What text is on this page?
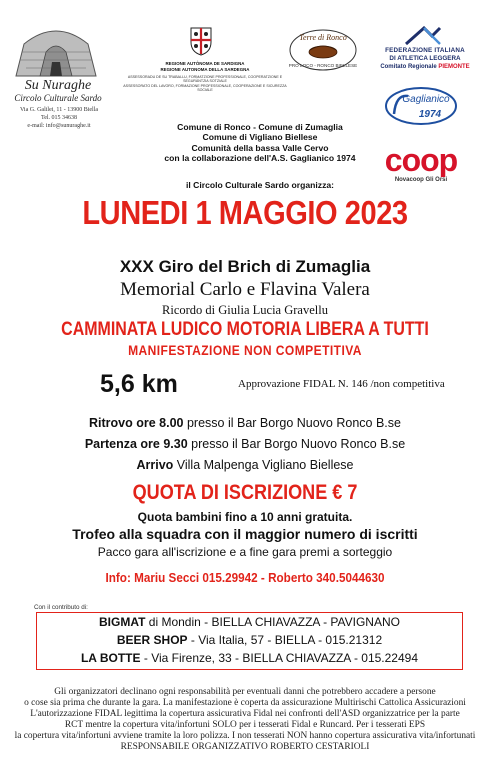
Su Nuraghe
Circolo Culturale Sardo
Via G. Galilei, 11 - 13900 Biella
Tel. 015 34638
e-mail: info@sunuraghe.it
REGIONE AUTÒNOMA DE SARDIGNA
REGIONE AUTONOMA DELLA SARDEGNA
ASSESSORADU DE SU TRABALLU, FORMATZIONE PROFESSIONALE, COOPERATZIONE E SEGURÀNTZIA SOTZIALE
ASSESSORATO DEL LAVORO, FORMAZIONE PROFESSIONALE, COOPERAZIONE E SICUREZZA SOCIALE
Terre di Ronco
PRO LOCO - RONCO BIELLESE
FEDERAZIONE ITALIANA
DI ATLETICA LEGGERA
Comitato Regionale PIEMONTE
Gaglianico
1974
coop
Novacoop Gli Orsi
Comune di Ronco - Comune di Zumaglia
Comune di Vigliano Biellese
Comunità della bassa Valle Cervo
con la collaborazione dell'A.S. Gaglianico 1974
il Circolo Culturale Sardo organizza:
LUNEDI 1 MAGGIO 2023
XXX Giro del Brich di Zumaglia
Memorial Carlo e Flavina Valera
Ricordo di Giulia Lucia Gravellu
CAMMINATA LUDICO MOTORIA LIBERA A TUTTI
MANIFESTAZIONE NON COMPETITIVA
5,6 km	Approvazione FIDAL N. 146 /non competitiva
Ritrovo ore 8.00 presso il Bar Borgo Nuovo Ronco B.se
Partenza ore 9.30 presso il Bar Borgo Nuovo Ronco B.se
Arrivo Villa Malpenga Vigliano Biellese
QUOTA DI ISCRIZIONE € 7
Quota bambini fino a 10 anni gratuita.
Trofeo alla squadra con il maggior numero di iscritti
Pacco gara all'iscrizione e a fine gara premi a sorteggio
Info: Mariu Secci 015.29942 - Roberto 340.5044630
Con il contributo di:
BIGMAT di Mondin - BIELLA CHIAVAZZA - PAVIGNANO
BEER SHOP - Via Italia, 57 - BIELLA - 015.21312
LA BOTTE - Via Firenze, 33 - BIELLA CHIAVAZZA - 015.22494
Gli organizzatori declinano ogni responsabilità per eventuali danni che potrebbero accadere a persone
o cose sia prima che durante la gara. La manifestazione è coperta da assicurazione Multirischi Cattolica Assicurazioni
L'autorizzazione FIDAL legittima la copertura assicurativa Fidal nei confronti dell'ASD organizzatrice per la parte
RCT mentre la copertura vita/infortuni SOLO per i tesserati Fidal e Runcard. Per i tesserati EPS
la copertura vita/infortuni avviene tramite la loro polizza. I non tesserati NON hanno copertura assicurativa vita/infortunati
RESPONSABILE ORGANIZZATIVO ROBERTO CESTARIOLI
